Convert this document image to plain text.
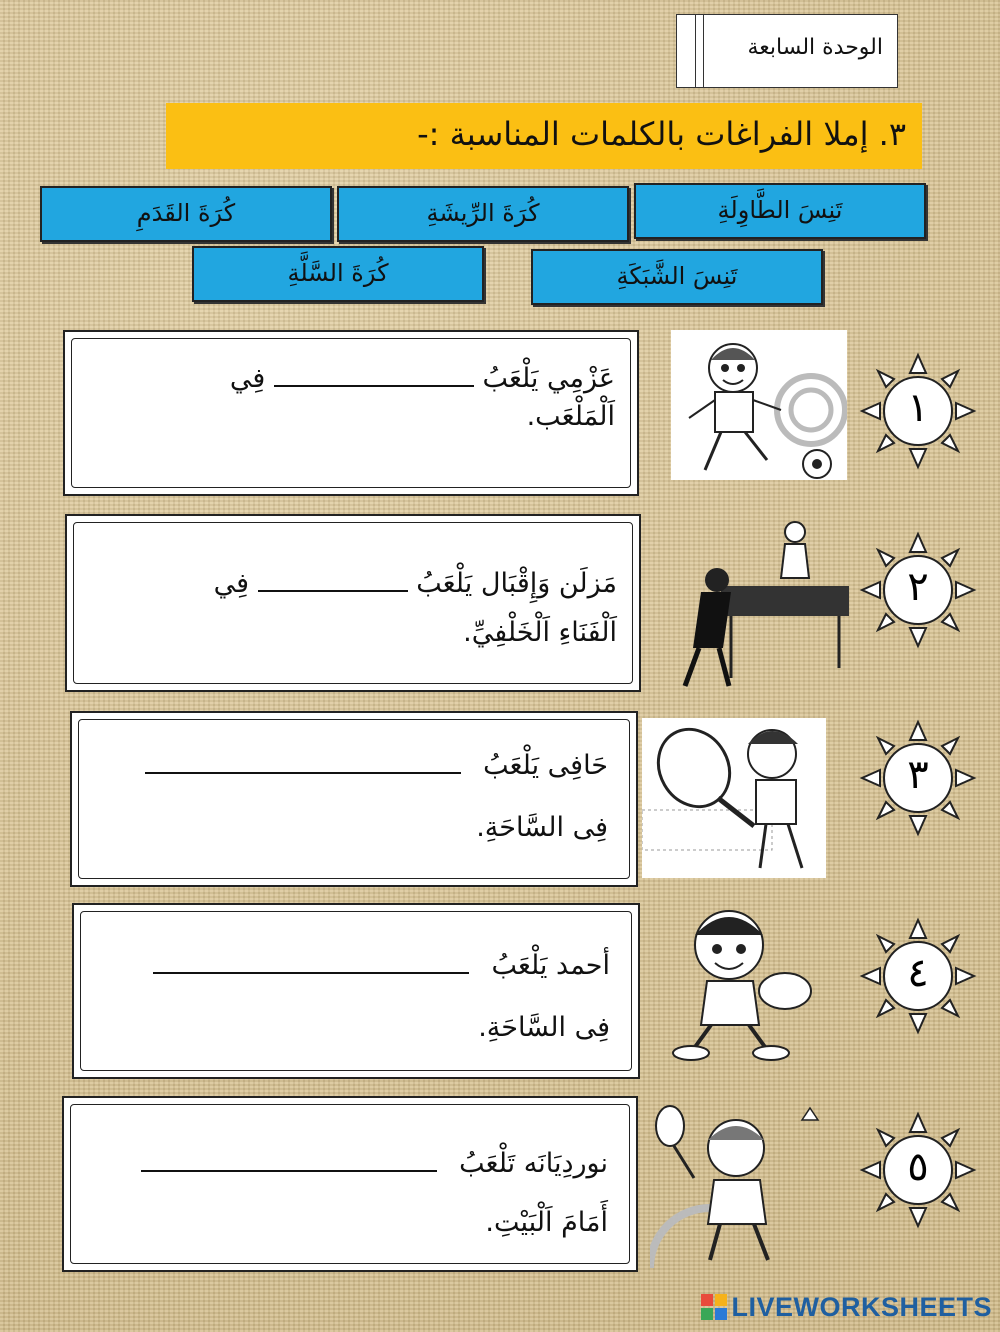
الوحدة السابعة
٣. إملا الفراغات بالكلمات المناسبة :-
تَنِسَ الطَّاوِلَةِ
كُرَةَ الرِّيشَةِ
كُرَةَ القَدَمِ
تَنِسَ الشَّبَكَةِ
كُرَةَ السَّلَّةِ
عَزْمِي يَلْعَبُ  فِي
اَلْمَلْعَب.
مَزلَن وَإِقْبَال يَلْعَبُ  فِي
اَلْفَنَاءِ اَلْخَلْفِيِّ.
حَافِى يَلْعَبُ
فِى السَّاحَةِ.
أحمد يَلْعَبُ
فِى السَّاحَةِ.
نوردِيَانَه تَلْعَبُ
أَمَامَ اَلْبَيْتِ.
١
٢
٣
٤
٥
LIVEWORKSHEETS
